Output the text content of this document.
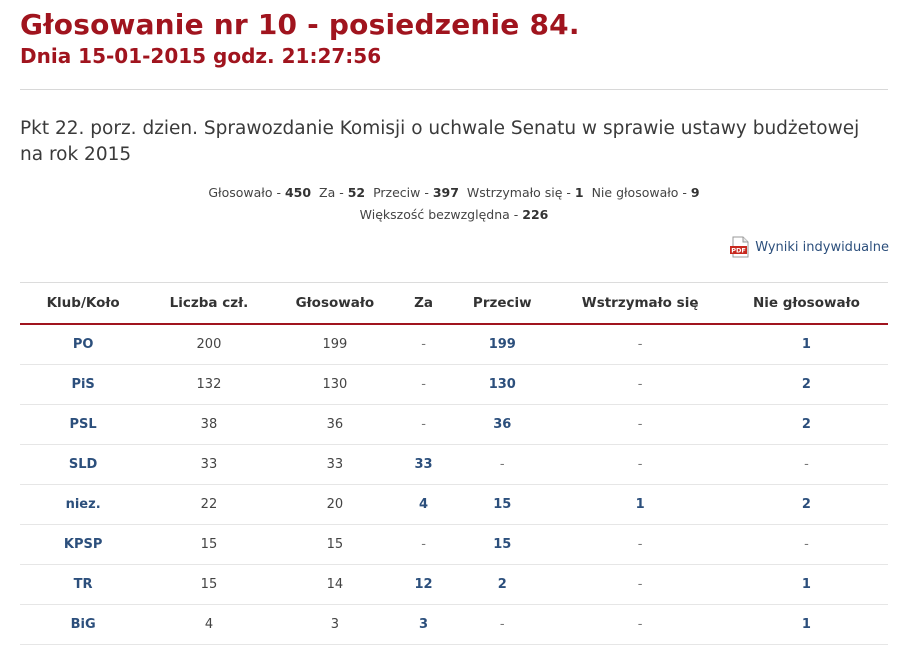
Głosowanie nr 10 - posiedzenie 84.
Dnia 15-01-2015 godz. 21:27:56

Pkt 22. porz. dzien. Sprawozdanie Komisji o uchwale Senatu w sprawie ustawy budżetowej na rok 2015

Głosowało - 450 Za - 52 Przeciw - 397 Wstrzymało się - 1 Nie głosowało - 9
Większość bezwzględna - 226
PDF Wyniki indywidualne
Klub/Koło	Liczba czł.	Głosowało	Za	Przeciw	Wstrzymało się	Nie głosowało
PO	200	199	-	199	-	1
PiS	132	130	-	130	-	2
PSL	38	36	-	36	-	2
SLD	33	33	33	-	-	-
niez.	22	20	4	15	1	2
KPSP	15	15	-	15	-	-
TR	15	14	12	2	-	1
BiG	4	3	3	-	-	1
